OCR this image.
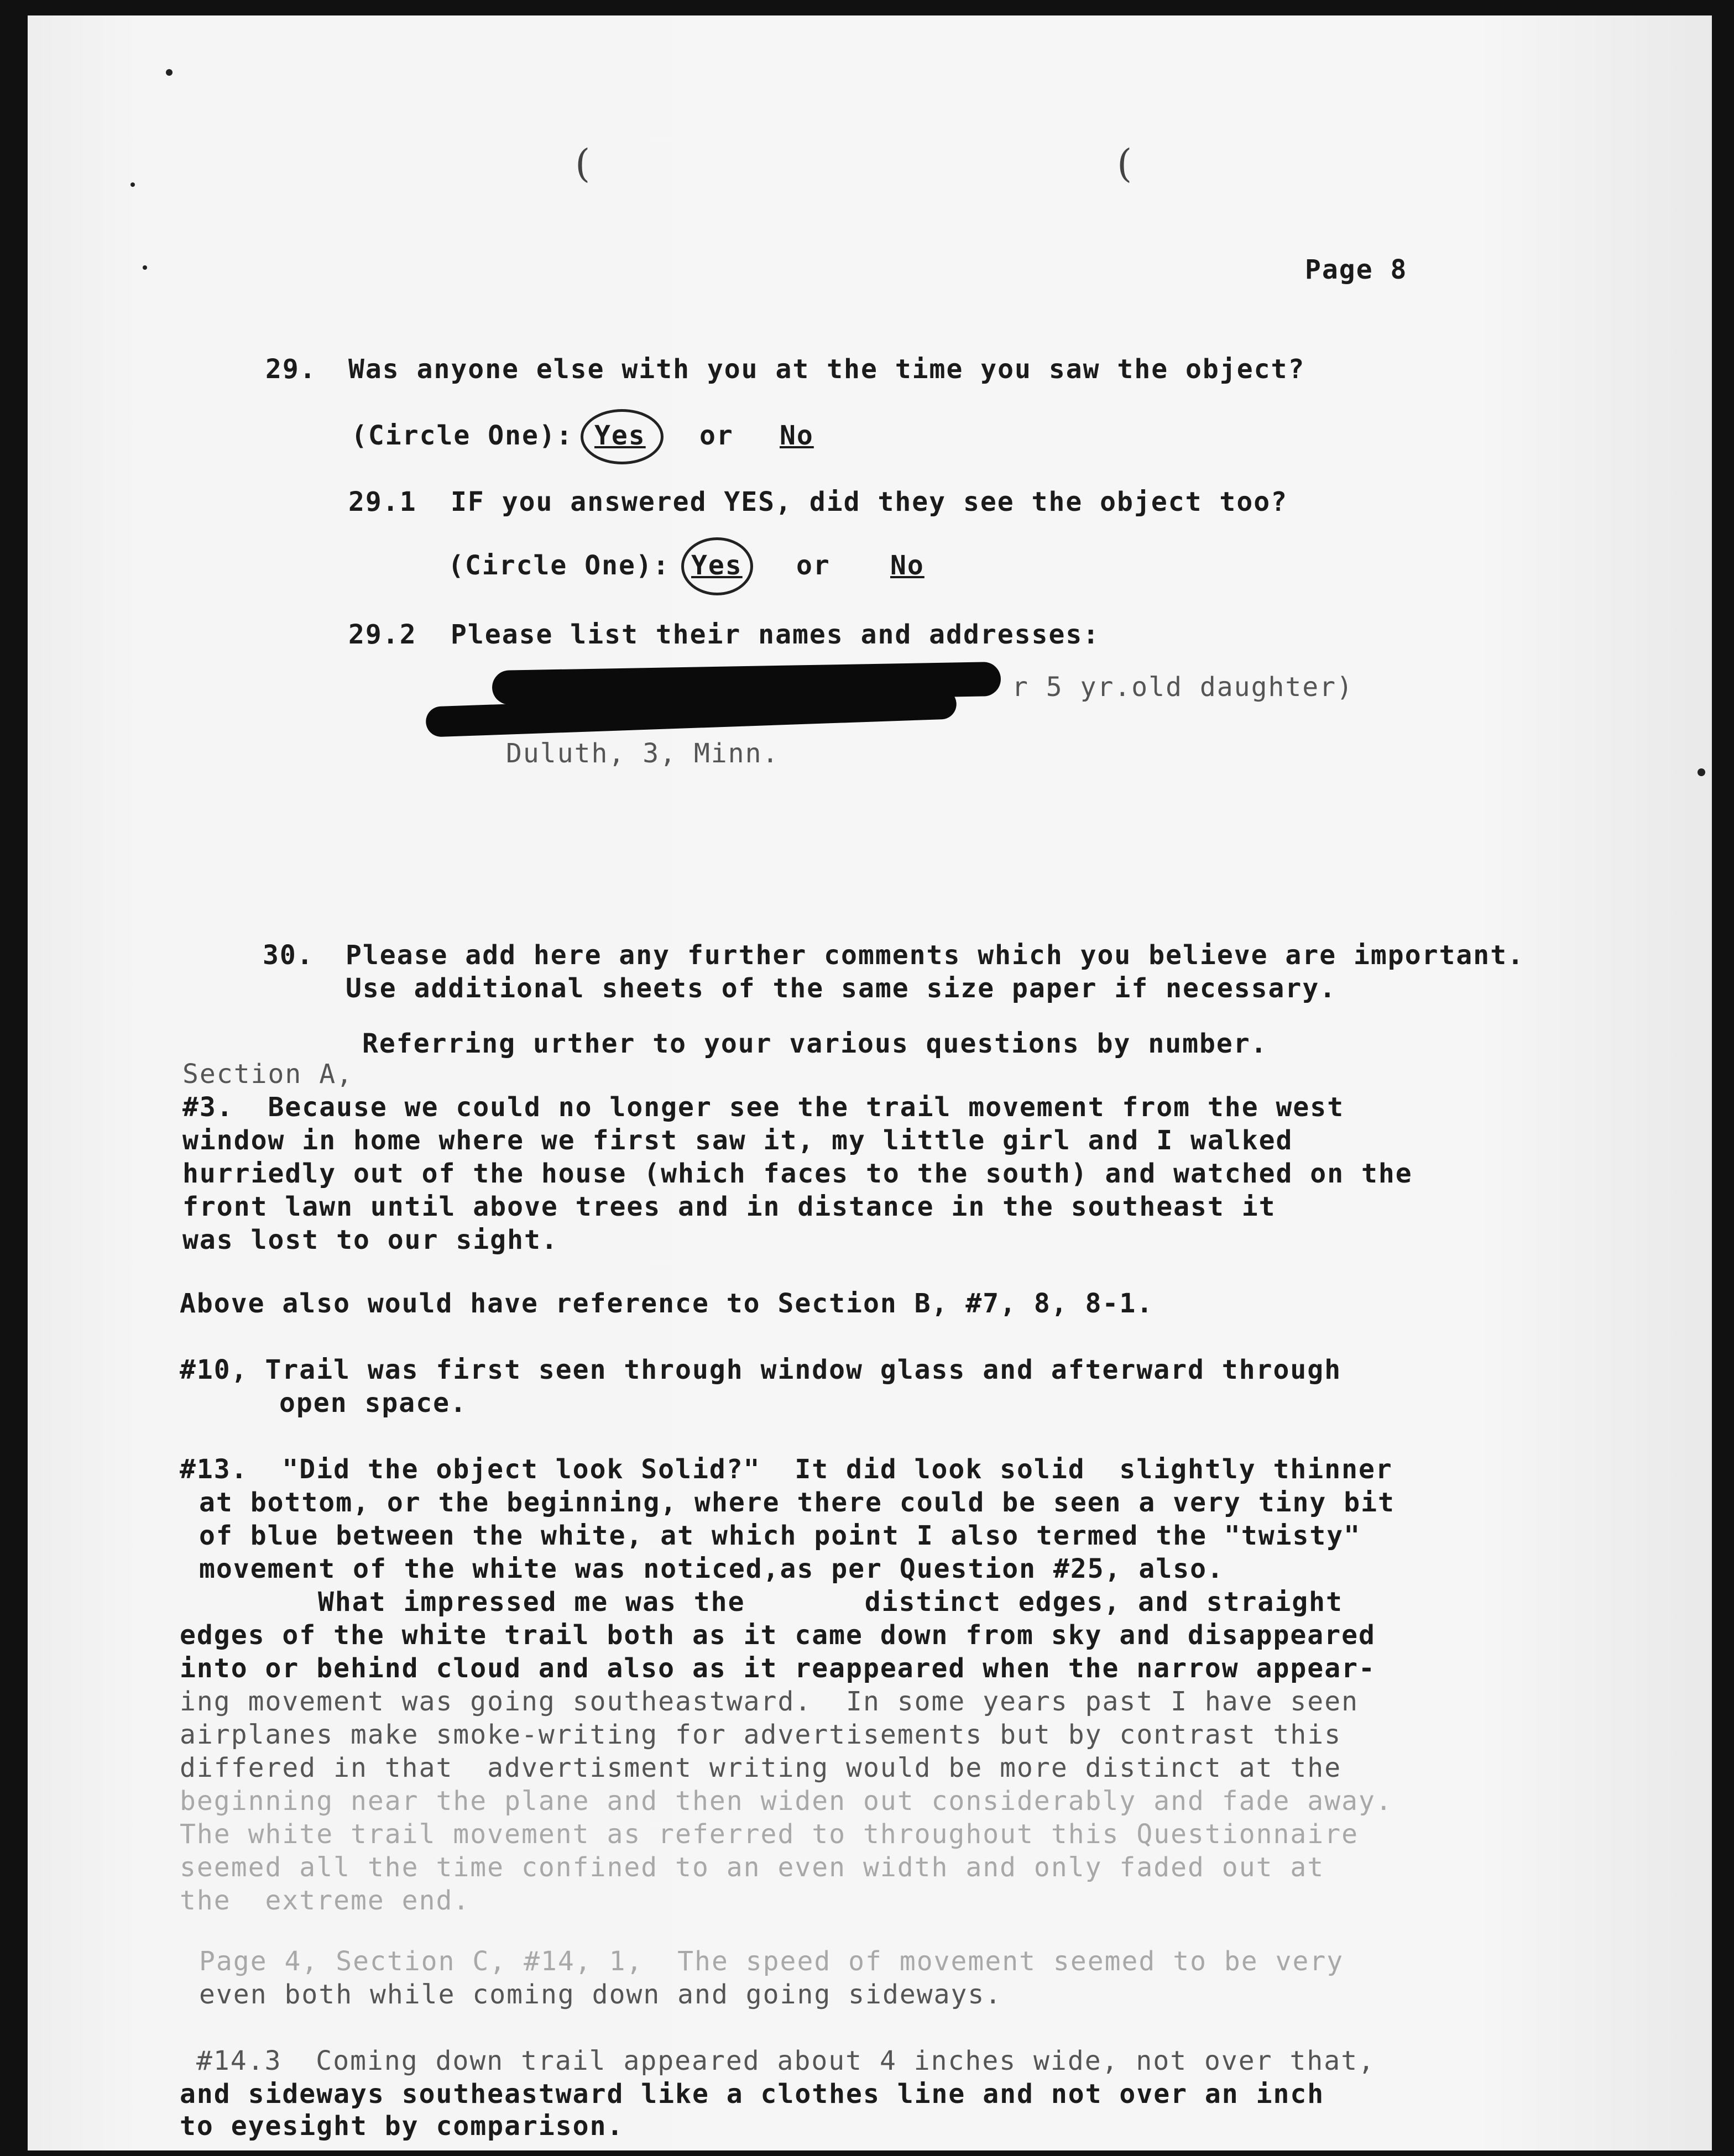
(	(
Page 8
29. Was anyone else with you at the time you saw the object?
(Circle One): Yes or No
29.1 IF you answered YES, did they see the object too?
(Circle One): Yes or No
29.2 Please list their names and addresses:
r 5 yr.old daughter)
Duluth, 3, Minn.
30. Please add here any further comments which you believe are important.
Use additional sheets of the same size paper if necessary.
Referring urther to your various questions by number.
Section A,
#3.  Because we could no longer see the trail movement from the west
window in home where we first saw it, my little girl and I walked
hurriedly out of the house (which faces to the south) and watched on the
front lawn until above trees and in distance in the southeast it
was lost to our sight.
Above also would have reference to Section B, #7, 8, 8-1.
#10, Trail was first seen through window glass and afterward through
open space.
#13.  "Did the object look Solid?"  It did look solid  slightly thinner
at bottom, or the beginning, where there could be seen a very tiny bit
of blue between the white, at which point I also termed the "twisty"
movement of the white was noticed,as per Question #25, also.
What impressed me was the       distinct edges, and straight
edges of the white trail both as it came down from sky and disappeared
into or behind cloud and also as it reappeared when the narrow appear-
ing movement was going southeastward.  In some years past I have seen
airplanes make smoke-writing for advertisements but by contrast this
differed in that  advertisment writing would be more distinct at the
beginning near the plane and then widen out considerably and fade away.
The white trail movement as referred to throughout this Questionnaire
seemed all the time confined to an even width and only faded out at
the  extreme end.
Page 4, Section C, #14, 1,  The speed of movement seemed to be very
even both while coming down and going sideways.
#14.3  Coming down trail appeared about 4 inches wide, not over that,
and sideways southeastward like a clothes line and not over an inch
to eyesight by comparison.
